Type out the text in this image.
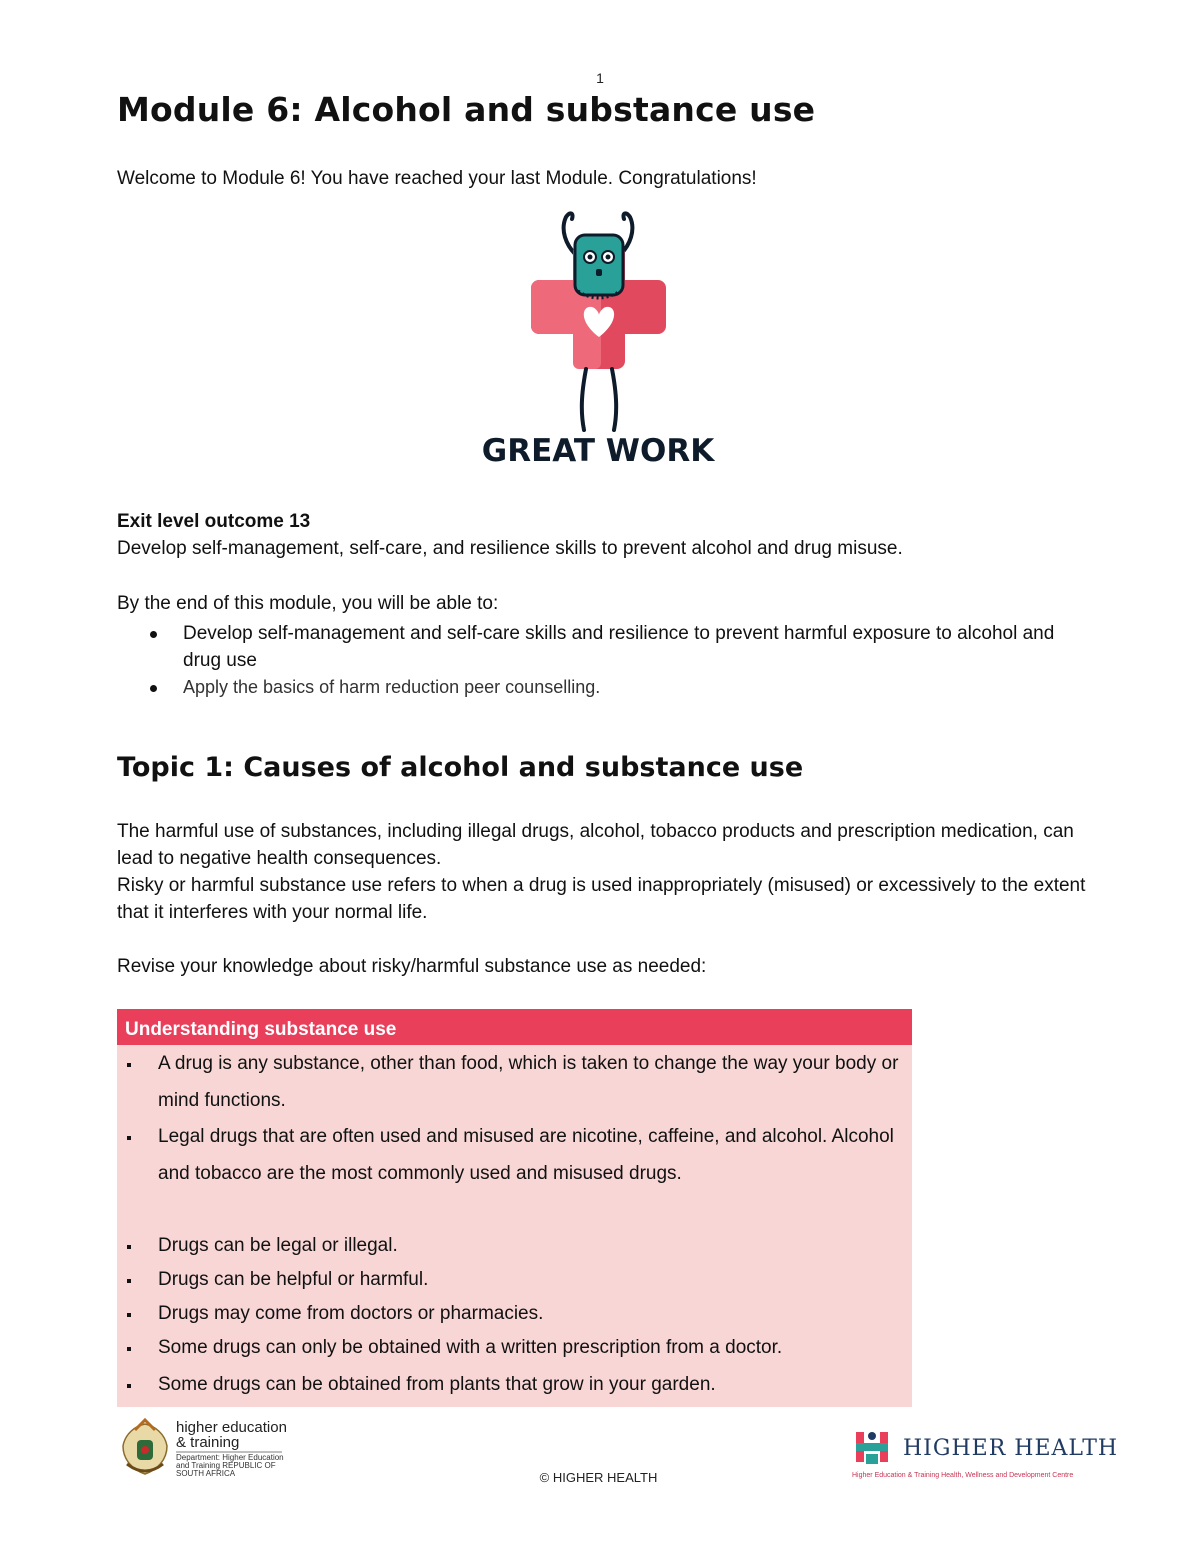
1
Module 6: Alcohol and substance use
Welcome to Module 6! You have reached your last Module. Congratulations!
GREAT WORK
Exit level outcome 13
Develop self-management, self-care, and resilience skills to prevent alcohol and drug misuse.
By the end of this module, you will be able to:
Develop self-management and self-care skills and resilience to prevent harmful exposure to alcohol and drug use
Apply the basics of harm reduction peer counselling.
Topic 1: Causes of alcohol and substance use

The harmful use of substances, including illegal drugs, alcohol, tobacco products and prescription medication, can lead to negative health consequences.

Risky or harmful substance use refers to when a drug is used inappropriately (misused) or excessively to the extent that it interferes with your normal life.

Revise your knowledge about risky/harmful substance use as needed:

Understanding substance use
A drug is any substance, other than food, which is taken to change the way your body or mind functions.
Legal drugs that are often used and misused are nicotine, caffeine, and alcohol. Alcohol and tobacco are the most commonly used and misused drugs.
Drugs can be legal or illegal.
Drugs can be helpful or harmful.
Drugs may come from doctors or pharmacies.
Some drugs can only be obtained with a written prescription from a doctor.
Some drugs can be obtained from plants that grow in your garden.
higher education
& training
Department: Higher Education and Training REPUBLIC OF SOUTH AFRICA	© HIGHER HEALTH
HIGHER HEALTH
Higher Education & Training Health, Wellness and Development Centre
